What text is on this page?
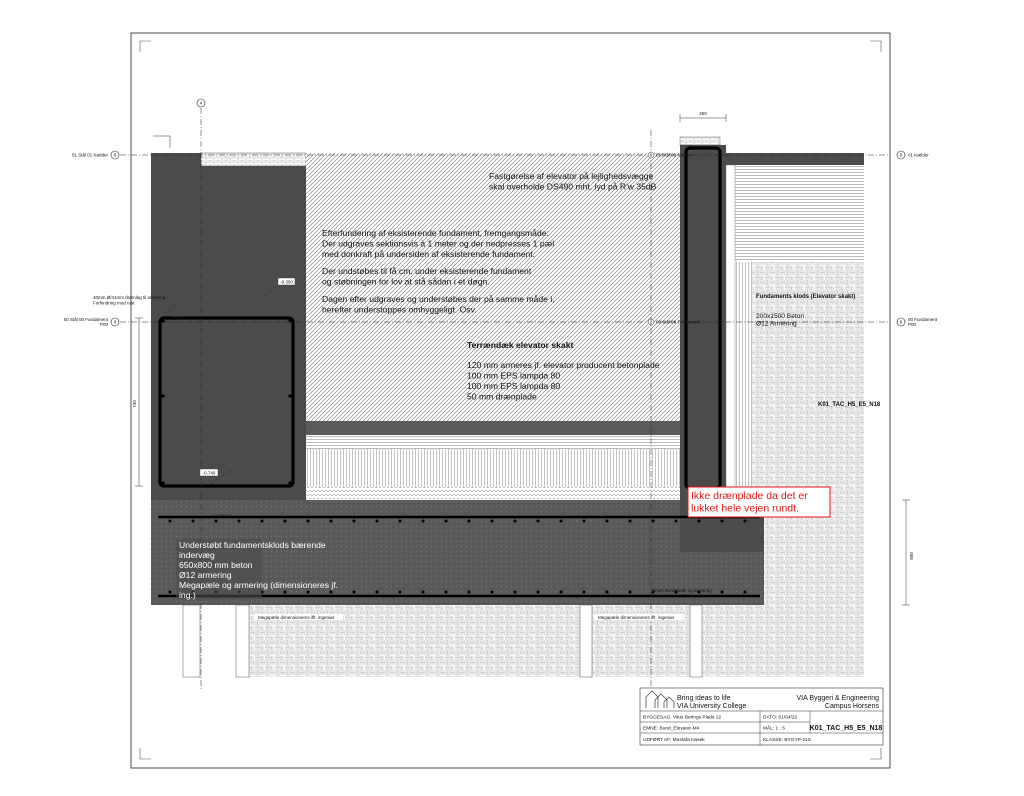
0
01 Stål 01 Kælder
0
00 Stål 00 Fundament
P00
0 01 Kælder
0
00 Fundament
P00
4
0 01 Stål 01 Kælder
2 00 Stål 00 Fundament
250
800
730
-0.300
-0.740
40mm Ø/41mm drænlag til armering
Forhindring mod rust
Fastgørelse af elevator på lejlighedsvægge skal overholde DS490 mht. lyd på R'w 35dB
Efterfundering af eksisterende fundament, fremgangsmåde: Der udgraves sektionsvis à 1 meter og der nedpresses 1 pæl med donkraft på undersiden af eksisterende fundament. Der undstøbes til få cm. under eksisterende fundament og støbningen for lov at stå sådan i et døgn. Dagen efter udgraves og understøbes der på samme måde i, herefter understoppes omhyggeligt. Osv.
Terrændæk elevator skakt
120 mm armeres jf. elevator producent betonplade 100 mm EPS lampda 80 100 mm EPS lampda 80 50 mm drænplade
Fundaments klods (Elevator skakt)
200x1500 Beton Ø12 Armering
K01_TAC_H5_E5_N18
Understøbt fundamentsklods bærende indervæg 650x800 mm beton Ø12 armering Megapæle og armering (dimensioneres jf. ing.)	Beton Bundplade og armering dimensioneres iflt. ingeniør
Megapæle dimensioneres iflt. ingeniør	Megapæle dimensioneres iflt. ingeniør
Ikke drænplade da det er lukket hele vejen rundt.
Bring ideas to life
VIA University College
VIA Byggeri & Engineering
Campus Horsens
BYGGESAG: Vitus Berings Plads 12	DATO: 01/04/22
EMNE: Bund_Elevator-M4	MÅL: 1 : 5	K01_TAC_H5_E5_N18
UDFØRT AF: Mustafa Hasek	KLASSE: BYGYP-21S
